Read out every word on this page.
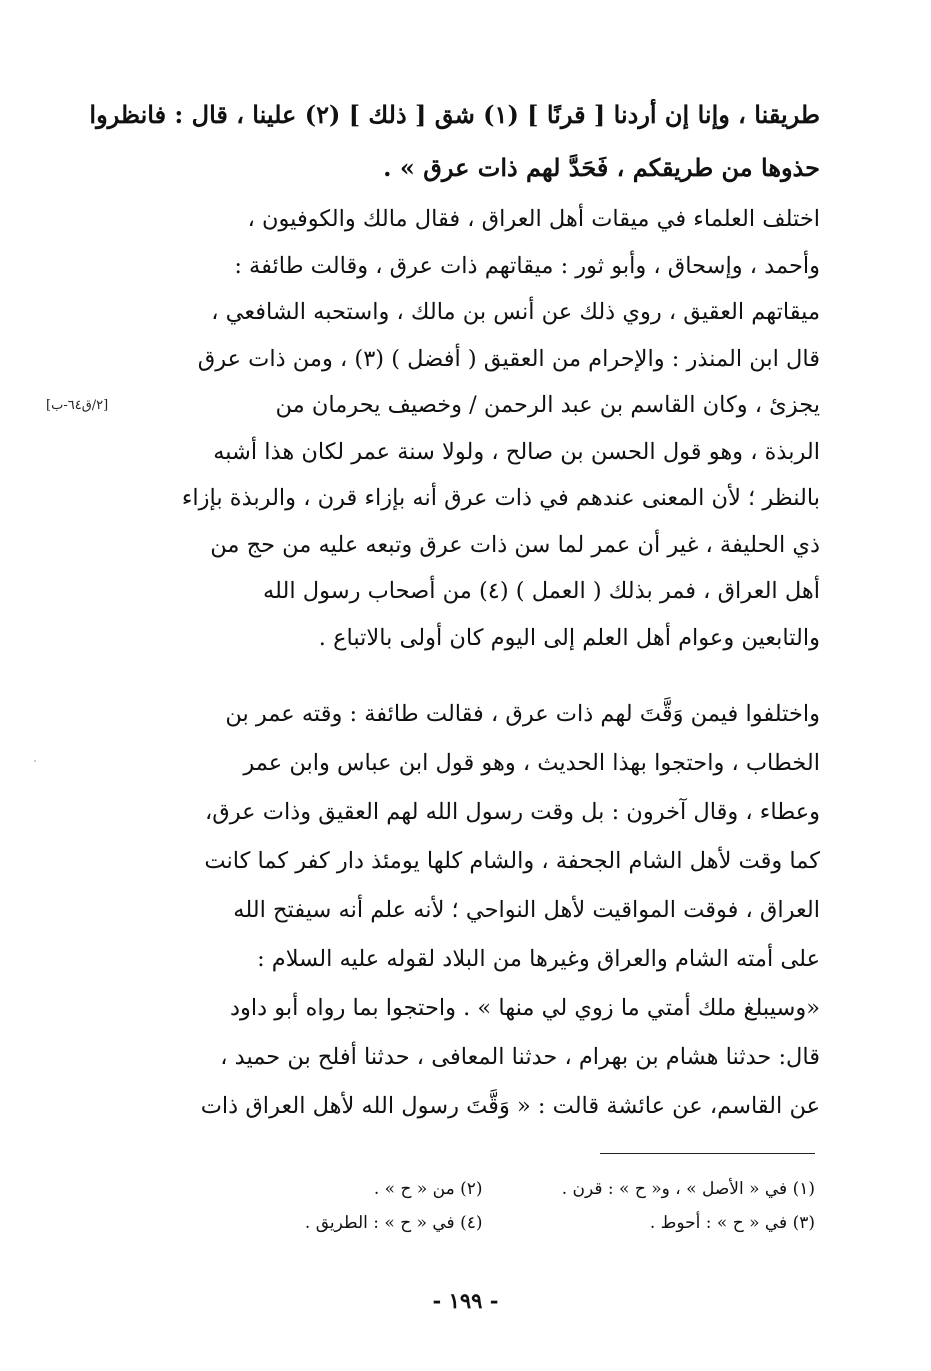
طريقنا ، وإنا إن أردنا [ قرنًا ] (١) شق [ ذلك ] (٢) علينا ، قال : فانظروا
حذوها من طريقكم ، فَحَدَّ لهم ذات عرق » .
اختلف العلماء في ميقات أهل العراق ، فقال مالك والكوفيون ،
وأحمد ، وإسحاق ، وأبو ثور : ميقاتهم ذات عرق ، وقالت طائفة :
ميقاتهم العقيق ، روي ذلك عن أنس بن مالك ، واستحبه الشافعي ،
قال ابن المنذر : والإحرام من العقيق ( أفضل ) (٣) ، ومن ذات عرق
يجزئ ، وكان القاسم بن عبد الرحمن / وخصيف يحرمان من
الربذة ، وهو قول الحسن بن صالح ، ولولا سنة عمر لكان هذا أشبه
بالنظر ؛ لأن المعنى عندهم في ذات عرق أنه بإزاء قرن ، والربذة بإزاء
ذي الحليفة ، غير أن عمر لما سن ذات عرق وتبعه عليه من حج من
أهل العراق ، فمر بذلك ( العمل ) (٤) من أصحاب رسول الله
والتابعين وعوام أهل العلم إلى اليوم كان أولى بالاتباع .
[٢/ق٦٤-ب]
واختلفوا فيمن وَقَّتَ لهم ذات عرق ، فقالت طائفة : وقته عمر بن
الخطاب ، واحتجوا بهذا الحديث ، وهو قول ابن عباس وابن عمر
وعطاء ، وقال آخرون : بل وقت رسول الله لهم العقيق وذات عرق،
كما وقت لأهل الشام الجحفة ، والشام كلها يومئذ دار كفر كما كانت
العراق ، فوقت المواقيت لأهل النواحي ؛ لأنه علم أنه سيفتح الله
على أمته الشام والعراق وغيرها من البلاد لقوله عليه السلام :
«وسيبلغ ملك أمتي ما زوي لي منها » . واحتجوا بما رواه أبو داود
قال: حدثنا هشام بن بهرام ، حدثنا المعافى ، حدثنا أفلح بن حميد ،
عن القاسم، عن عائشة قالت : « وَقَّتَ رسول الله لأهل العراق ذات
(١) في « الأصل » ، و« ح » : قرن .
(٢) من « ح » .
(٣) في « ح » : أحوط .
(٤) في « ح » : الطريق .
- ١٩٩ -
